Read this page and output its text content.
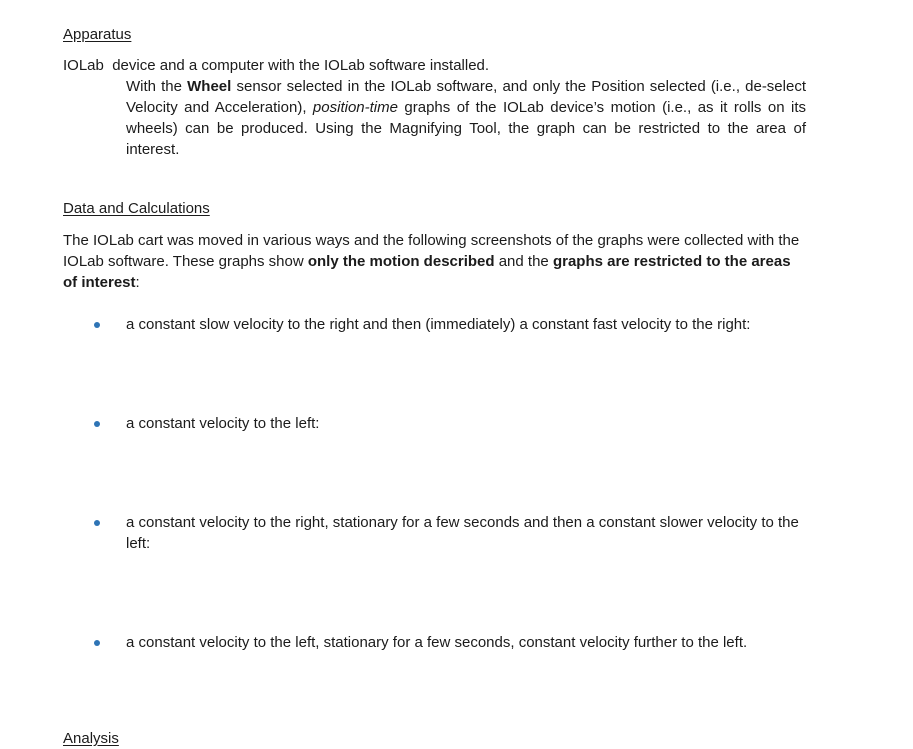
Apparatus

IOLab  device and a computer with the IOLab software installed.

With the Wheel sensor selected in the IOLab software, and only the Position selected (i.e., de-select Velocity and Acceleration), position-time graphs of the IOLab device’s motion (i.e., as it rolls on its wheels) can be produced. Using the Magnifying Tool, the graph can be restricted to the area of interest.

Data and Calculations

The IOLab cart was moved in various ways and the following screenshots of the graphs were collected with the IOLab software. These graphs show only the motion described and the graphs are restricted to the areas of interest:

a constant slow velocity to the right and then (immediately) a constant fast velocity to the right:

a constant velocity to the left:

a constant velocity to the right, stationary for a few seconds and then a constant slower velocity to the left:

a constant velocity to the left, stationary for a few seconds, constant velocity further to the left.

Analysis
